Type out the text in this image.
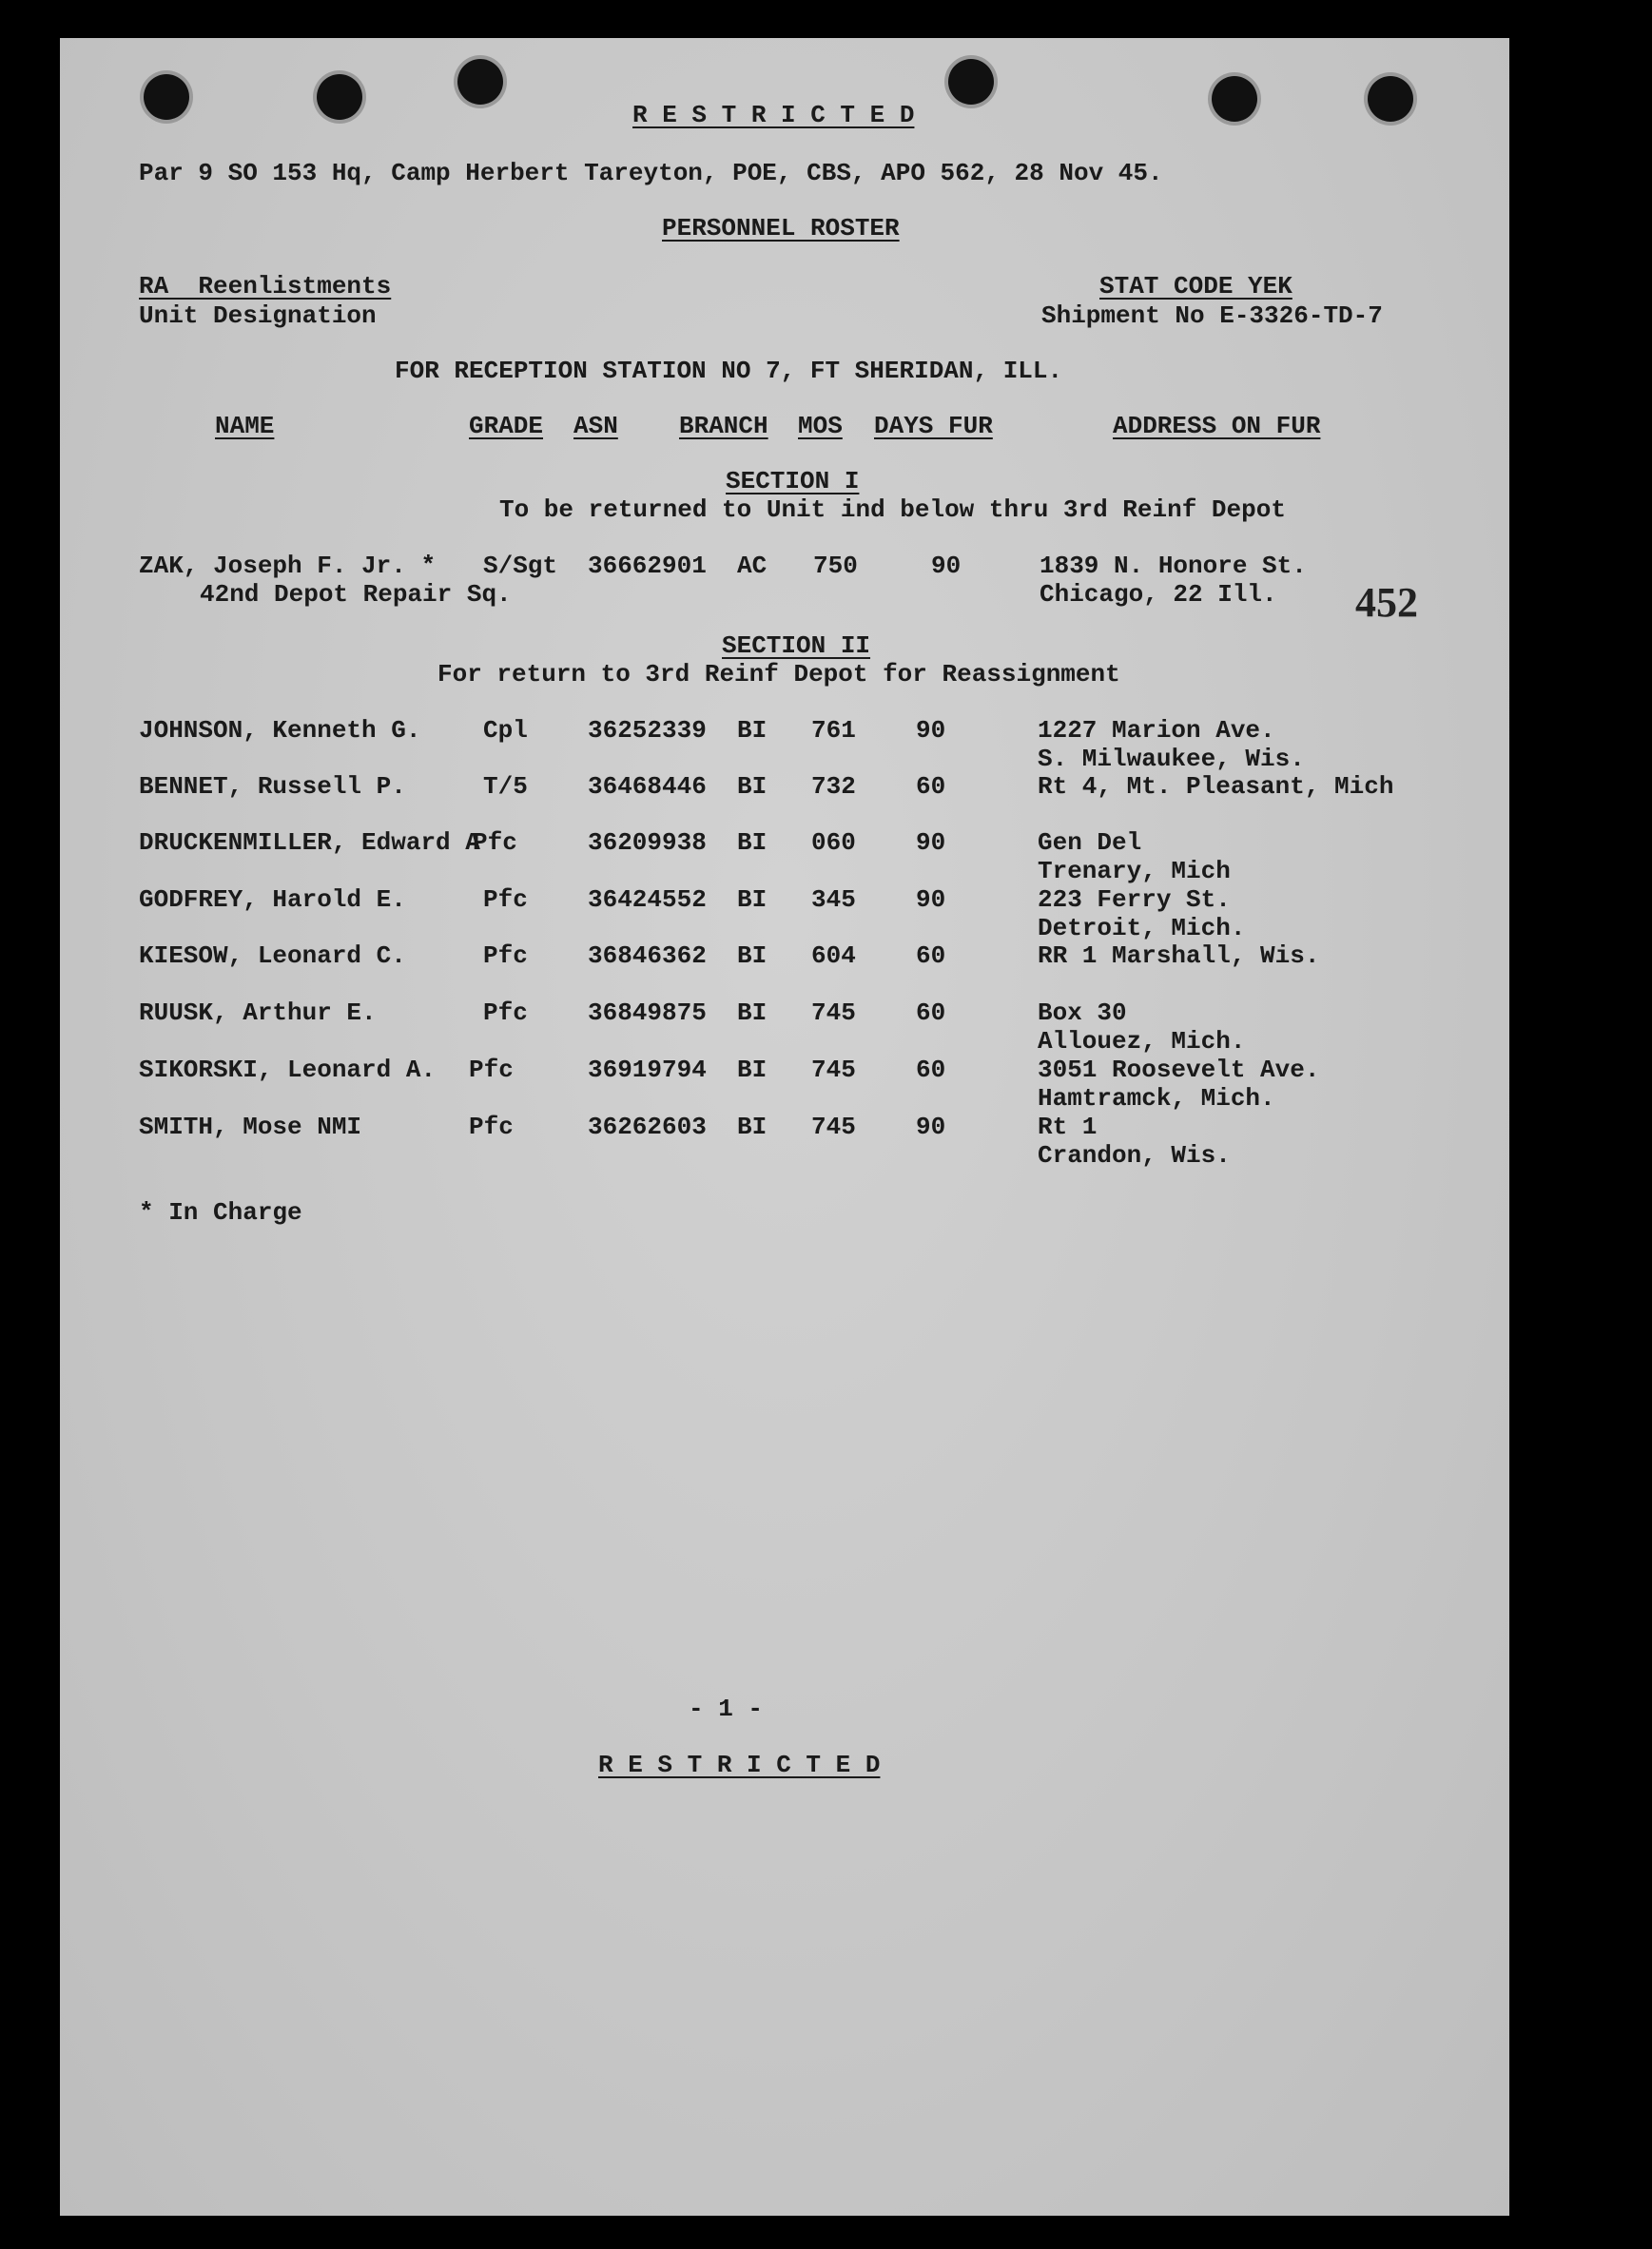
R E S T R I C T E D
Par 9 SO 153 Hq, Camp Herbert Tareyton, POE, CBS, APO 562, 28 Nov 45.
PERSONNEL ROSTER
RA  Reenlistments
Unit Designation
STAT CODE YEK
Shipment No E-3326-TD-7
FOR RECEPTION STATION NO 7, FT SHERIDAN, ILL.
NAME	GRADE ASN BRANCH MOS DAYS FUR	ADDRESS ON FUR
SECTION I
To be returned to Unit ind below thru 3rd Reinf Depot
ZAK, Joseph F. Jr. *
42nd Depot Repair Sq.
S/Sgt 36662901 AC 750	90	1839 N. Honore St.
Chicago, 22 Ill. 452
SECTION II
For return to 3rd Reinf Depot for Reassignment
JOHNSON, Kenneth G.	Cpl 36252339 BI 761 90	1227 Marion Ave.
S. Milwaukee, Wis.
BENNET, Russell P.	T/5 36468446 BI 732 60	Rt 4, Mt. Pleasant, Mich
DRUCKENMILLER, Edward A
Pfc	36209938 BI 060 90	Gen Del
Trenary, Mich
GODFREY, Harold E.	Pfc 36424552 BI 345 90	223 Ferry St.
Detroit, Mich.
KIESOW, Leonard C.	Pfc 36846362 BI 604 60	RR 1 Marshall, Wis.
RUUSK, Arthur E.	Pfc 36849875 BI 745 60	Box 30
Allouez, Mich.
SIKORSKI, Leonard A. Pfc	36919794 BI 745 60	3051 Roosevelt Ave.
Hamtramck, Mich.
SMITH, Mose NMI	Pfc	36262603 BI 745 90	Rt 1
Crandon, Wis.
* In Charge
- 1 -
R E S T R I C T E D
